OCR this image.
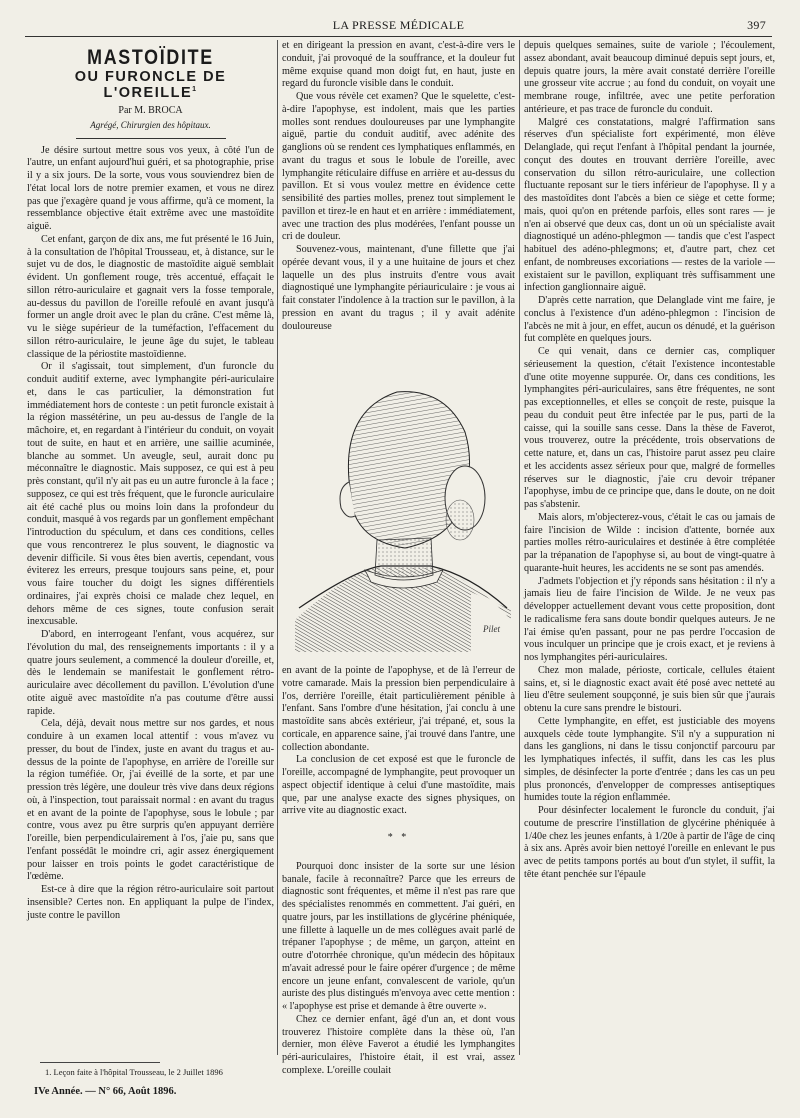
LA PRESSE MÉDICALE	397
MASTOÏDITE
OU FURONCLE DE L'OREILLE$^1$
Par M. BROCA
Agrégé, Chirurgien des hôpitaux.

Je désire surtout mettre sous vos yeux, à côté l'un de l'autre, un enfant aujourd'hui guéri, et sa photographie, prise il y a six jours. De la sorte, vous vous souviendrez bien de l'état local lors de notre premier examen, et vous ne direz pas que j'exagère quand je vous affirme, qu'à ce moment, la ressemblance objective était extrême avec une mastoïdite aiguë.

Cet enfant, garçon de dix ans, me fut présenté le 16 Juin, à la consultation de l'hôpital Trousseau, et, à distance, sur le sujet vu de dos, le diagnostic de mastoïdite aiguë semblait évident. Un gonflement rouge, très accentué, effaçait le sillon rétro-auriculaire et gagnait vers la fosse temporale, au-dessus du pavillon de l'oreille refoulé en avant jusqu'à former un angle droit avec le plan du crâne. C'est même là, vu le siège supérieur de la tuméfaction, l'effacement du sillon rétro-auriculaire, le jeune âge du sujet, le tableau classique de la périostite mastoïdienne.

Or il s'agissait, tout simplement, d'un furoncle du conduit auditif externe, avec lymphangite péri-auriculaire et, dans le cas particulier, la démonstration fut immédiatement hors de conteste : un petit furoncle existait à la région massétérine, un peu au-dessus de l'angle de la mâchoire, et, en regardant à l'intérieur du conduit, on voyait tout de suite, en haut et en arrière, une saillie acuminée, blanche au sommet. Un aveugle, seul, aurait donc pu méconnaître le diagnostic. Mais supposez, ce qui est à peu près constant, qu'il n'y ait pas eu un autre furoncle à la face ; supposez, ce qui est très fréquent, que le furoncle auriculaire ait été caché plus ou moins loin dans la profondeur du conduit, masqué à vos regards par un gonflement empêchant l'introduction du spéculum, et dans ces conditions, celles que vous rencontrerez le plus souvent, le diagnostic va devenir difficile. Si vous êtes bien avertis, cependant, vous éviterez les erreurs, presque toujours sans peine, et, pour vous faire toucher du doigt les signes différentiels ordinaires, j'ai exprès choisi ce malade chez lequel, en dehors même de ces signes, toute confusion serait inexcusable.

D'abord, en interrogeant l'enfant, vous acquérez, sur l'évolution du mal, des renseignements importants : il y a quatre jours seulement, a commencé la douleur d'oreille, et, dès le lendemain se manifestait le gonflement rétro-auriculaire avec décollement du pavillon. L'évolution d'une otite aiguë avec mastoïdite n'a pas coutume d'être aussi rapide.

Cela, déjà, devait nous mettre sur nos gardes, et nous conduire à un examen local attentif : vous m'avez vu presser, du bout de l'index, juste en avant du tragus et au-dessus de la pointe de l'apophyse, en arrière de l'oreille sur la région tuméfiée. Or, j'ai éveillé de la sorte, et par une pression très légère, une douleur très vive dans deux régions où, à l'inspection, tout paraissait normal : en avant du tragus et en avant de la pointe de l'apophyse, sous le lobule ; par contre, vous avez pu être surpris qu'en appuyant derrière l'oreille, bien perpendiculairement à l'os, j'aie pu, sans que l'enfant possédât le moindre cri, agir assez énergiquement pour laisser en trois points le godet caractéristique de l'œdème.

Est-ce à dire que la région rétro-auriculaire soit partout insensible? Certes non. En appliquant la pulpe de l'index, juste contre le pavillon

et en dirigeant la pression en avant, c'est-à-dire vers le conduit, j'ai provoqué de la souffrance, et la douleur fut même exquise quand mon doigt fut, en haut, juste en regard du furoncle visible dans le conduit.

Que vous révèle cet examen? Que le squelette, c'est-à-dire l'apophyse, est indolent, mais que les parties molles sont rendues douloureuses par une lymphangite aiguë, partie du conduit auditif, avec adénite des ganglions où se rendent ces lymphatiques enflammés, en avant du tragus et sous le lobule de l'oreille, avec lymphangite réticulaire diffuse en arrière et au-dessus du pavillon. Et si vous voulez mettre en évidence cette sensibilité des parties molles, prenez tout simplement le pavillon et tirez-le en haut et en arrière : immédiatement, avec une traction des plus modérées, l'enfant pousse un cri de douleur.

Souvenez-vous, maintenant, d'une fillette que j'ai opérée devant vous, il y a une huitaine de jours et chez laquelle un des plus instruits d'entre vous avait diagnostiqué une lymphangite périauriculaire : je vous ai fait constater l'indolence à la traction sur le pavillon, à la pression en avant du tragus ; il y avait adénite douloureuse

Pilet

en avant de la pointe de l'apophyse, et de là l'erreur de votre camarade. Mais la pression bien perpendiculaire à l'os, derrière l'oreille, était particulièrement pénible à l'enfant. Sans l'ombre d'une hésitation, j'ai conclu à une mastoïdite sans abcès extérieur, j'ai trépané, et, sous la corticale, en apparence saine, j'ai trouvé dans l'antre, une collection abondante.

La conclusion de cet exposé est que le furoncle de l'oreille, accompagné de lymphangite, peut provoquer un aspect objectif identique à celui d'une mastoïdite, mais que, par une analyse exacte des signes physiques, on arrive vite au diagnostic exact.

* *

Pourquoi donc insister de la sorte sur une lésion banale, facile à reconnaître? Parce que les erreurs de diagnostic sont fréquentes, et même il n'est pas rare que des spécialistes renommés en commettent. J'ai guéri, en quatre jours, par les instillations de glycérine phéniquée, une fillette à laquelle un de mes collègues avait parlé de trépaner l'apophyse ; de même, un garçon, atteint en outre d'otorrhée chronique, qu'un médecin des hôpitaux m'avait adressé pour le faire opérer d'urgence ; de même encore un jeune enfant, convalescent de variole, qu'un auriste des plus distingués m'envoya avec cette mention : « l'apophyse est prise et demande à être ouverte ».

Chez ce dernier enfant, âgé d'un an, et dont vous trouverez l'histoire complète dans la thèse où, l'an dernier, mon élève Faverot a étudié les lymphangites péri-auriculaires, l'histoire était, il est vrai, assez complexe. L'oreille coulait

depuis quelques semaines, suite de variole ; l'écoulement, assez abondant, avait beaucoup diminué depuis sept jours, et, depuis quatre jours, la mère avait constaté derrière l'oreille une grosseur vite accrue ; au fond du conduit, on voyait une membrane rouge, infiltrée, avec une petite perforation antérieure, et pas trace de furoncle du conduit.

Malgré ces constatations, malgré l'affirmation sans réserves d'un spécialiste fort expérimenté, mon élève Delanglade, qui reçut l'enfant à l'hôpital pendant la journée, conçut des doutes en trouvant derrière l'oreille, avec conservation du sillon rétro-auriculaire, une collection fluctuante reposant sur le tiers inférieur de l'apophyse. Il y a des mastoïdites dont l'abcès a bien ce siège et cette forme; mais, quoi qu'on en prétende parfois, elles sont rares — je n'en ai observé que deux cas, dont un où un spécialiste avait diagnostiqué un adéno-phlegmon — tandis que c'est l'aspect habituel des adéno-phlegmons; et, d'autre part, chez cet enfant, de nombreuses excoriations — restes de la variole — existaient sur le pavillon, expliquant très suffisamment une infection ganglionnaire aiguë.

D'après cette narration, que Delanglade vint me faire, je conclus à l'existence d'un adéno-phlegmon : l'incision de l'abcès ne mit à jour, en effet, aucun os dénudé, et la guérison fut complète en quelques jours.

Ce qui venait, dans ce dernier cas, compliquer sérieusement la question, c'était l'existence incontestable d'une otite moyenne suppurée. Or, dans ces conditions, les lymphangites péri-auriculaires, sans être fréquentes, ne sont pas exceptionnelles, et elles se conçoit de reste, puisque la peau du conduit peut être infectée par le pus, parti de la caisse, qui la souille sans cesse. Dans la thèse de Faverot, vous trouverez, outre la précédente, trois observations de cette nature, et, dans un cas, l'histoire parut assez peu claire et les accidents assez sérieux pour que, malgré de formelles réserves sur le diagnostic, j'aie cru devoir trépaner l'apophyse, imbu de ce principe que, dans le doute, on ne doit pas s'abstenir.

Mais alors, m'objecterez-vous, c'était le cas ou jamais de faire l'incision de Wilde : incision d'attente, bornée aux parties molles rétro-auriculaires et destinée à être complétée par la trépanation de l'apophyse si, au bout de vingt-quatre à quarante-huit heures, les accidents ne se sont pas amendés.

J'admets l'objection et j'y réponds sans hésitation : il n'y a jamais lieu de faire l'incision de Wilde. Je ne veux pas développer actuellement devant vous cette proposition, dont le radicalisme fera sans doute bondir quelques auteurs. Je ne l'ai émise qu'en passant, pour ne pas perdre l'occasion de vous inculquer un principe que je crois exact, et je reviens à nos lymphangites péri-auriculaires.

Chez mon malade, périoste, corticale, cellules étaient sains, et, si le diagnostic exact avait été posé avec netteté au lieu d'être seulement soupçonné, je suis bien sûr que j'aurais obtenu la cure sans prendre le bistouri.

Cette lymphangite, en effet, est justiciable des moyens auxquels cède toute lymphangite. S'il n'y a suppuration ni dans les ganglions, ni dans le tissu conjonctif parcouru par les lymphatiques infectés, il suffit, dans les cas les plus simples, de désinfecter la porte d'entrée ; dans les cas un peu plus prononcés, d'envelopper de compresses antiseptiques humides toute la région enflammée.

Pour désinfecter localement le furoncle du conduit, j'ai coutume de prescrire l'instillation de glycérine phéniquée à 1/40e chez les jeunes enfants, à 1/20e à partir de l'âge de cinq à six ans. Après avoir bien nettoyé l'oreille en enlevant le pus avec de petits tampons portés au bout d'un stylet, il suffit, la tête étant penchée sur l'épaule

1. Leçon faite à l'hôpital Trousseau, le 2 Juillet 1896
IVe Année. — N° 66, Août 1896.
